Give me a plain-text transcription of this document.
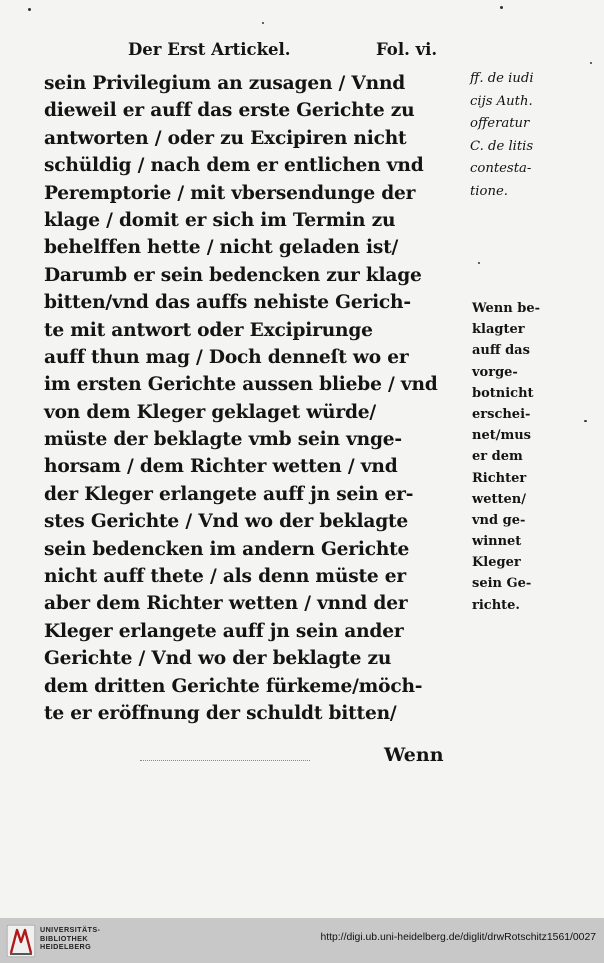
Der Erst Artickel.	Fol. vi.
sein Privilegium an zusagen / Vnnd
dieweil er auff das erste Gerichte zu
antworten / oder zu Excipiren nicht
schüldig / nach dem er entlichen vnd
Peremptorie / mit vbersendunge der
klage / domit er sich im Termin zu
behelffen hette / nicht geladen ist/
Darumb er sein bedencken zur klage
bitten/vnd das auffs nehiste Gerich-
te mit antwort oder Excipirunge
auff thun mag / Doch denneſt wo er
im ersten Gerichte aussen bliebe / vnd
von dem Kleger geklaget würde/
müste der beklagte vmb sein vnge-
horsam / dem Richter wetten / vnd
der Kleger erlangete auff jn sein er-
stes Gerichte / Vnd wo der beklagte
sein bedencken im andern Gerichte
nicht auff thete / als denn müste er
aber dem Richter wetten / vnnd der
Kleger erlangete auff jn sein ander
Gerichte / Vnd wo der beklagte zu
dem dritten Gerichte fürkeme/möch-
te er eröffnung der schuldt bitten/
Wenn
ff. de iudi
cijs Auth.
offeratur
C. de litis
contesta-
tione.
Wenn be-
klagter
auff das
vorge-
botnicht
erschei-
net/mus
er dem
Richter
wetten/
vnd ge-
winnet
Kleger
sein Ge-
richte.
UNIVERSITÄTS-
BIBLIOTHEK
HEIDELBERG
http://digi.ub.uni-heidelberg.de/diglit/drwRotschitz1561/0027
